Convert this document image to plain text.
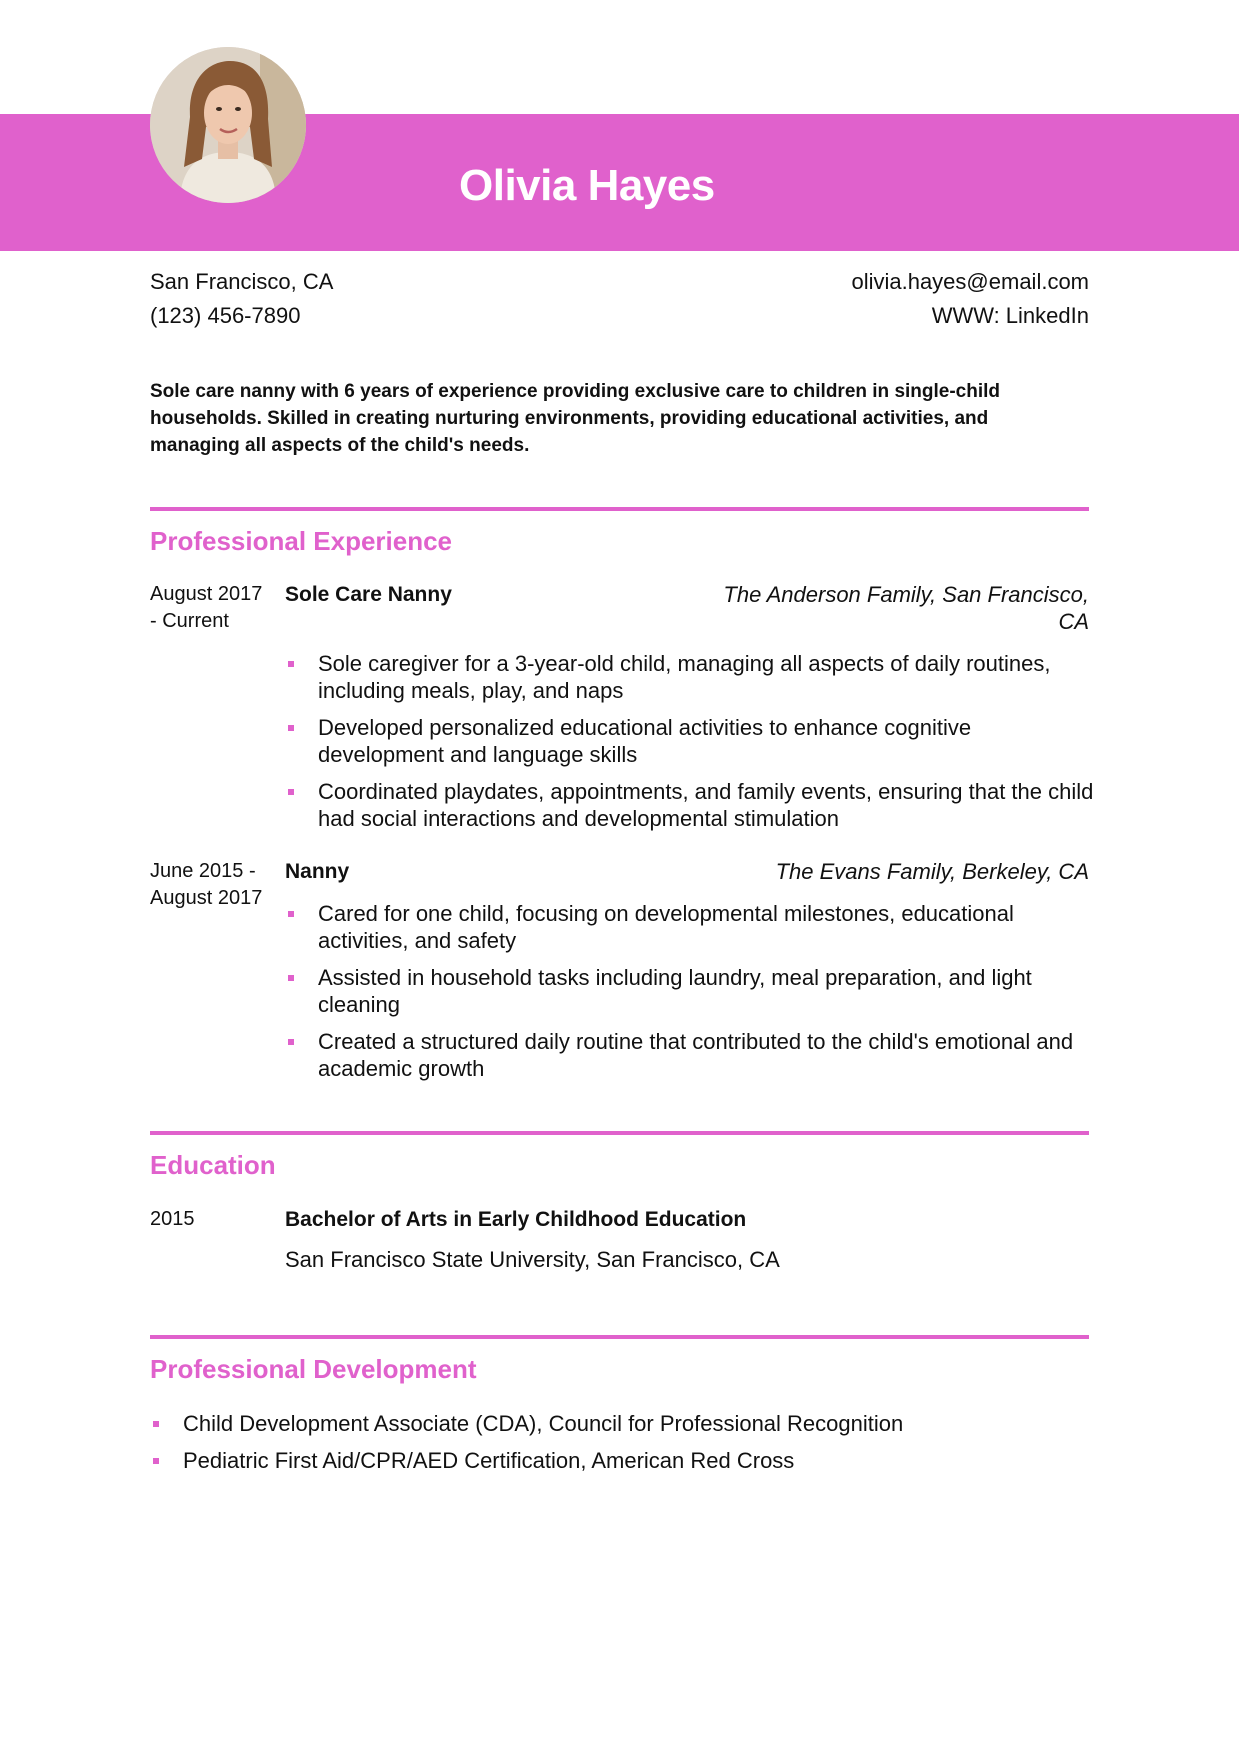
Olivia Hayes
San Francisco, CA
(123) 456-7890
olivia.hayes@email.com
WWW: LinkedIn
Sole care nanny with 6 years of experience providing exclusive care to children in single-child households. Skilled in creating nurturing environments, providing educational activities, and managing all aspects of the child's needs.
Professional Experience
August 2017 - Current
Sole Care Nanny	The Anderson Family, San Francisco, CA
Sole caregiver for a 3-year-old child, managing all aspects of daily routines, including meals, play, and naps
Developed personalized educational activities to enhance cognitive development and language skills
Coordinated playdates, appointments, and family events, ensuring that the child had social interactions and developmental stimulation
June 2015 - August 2017
Nanny	The Evans Family, Berkeley, CA
Cared for one child, focusing on developmental milestones, educational activities, and safety
Assisted in household tasks including laundry, meal preparation, and light cleaning
Created a structured daily routine that contributed to the child's emotional and academic growth
Education
2015	Bachelor of Arts in Early Childhood Education
San Francisco State University, San Francisco, CA
Professional Development
Child Development Associate (CDA), Council for Professional Recognition
Pediatric First Aid/CPR/AED Certification, American Red Cross
